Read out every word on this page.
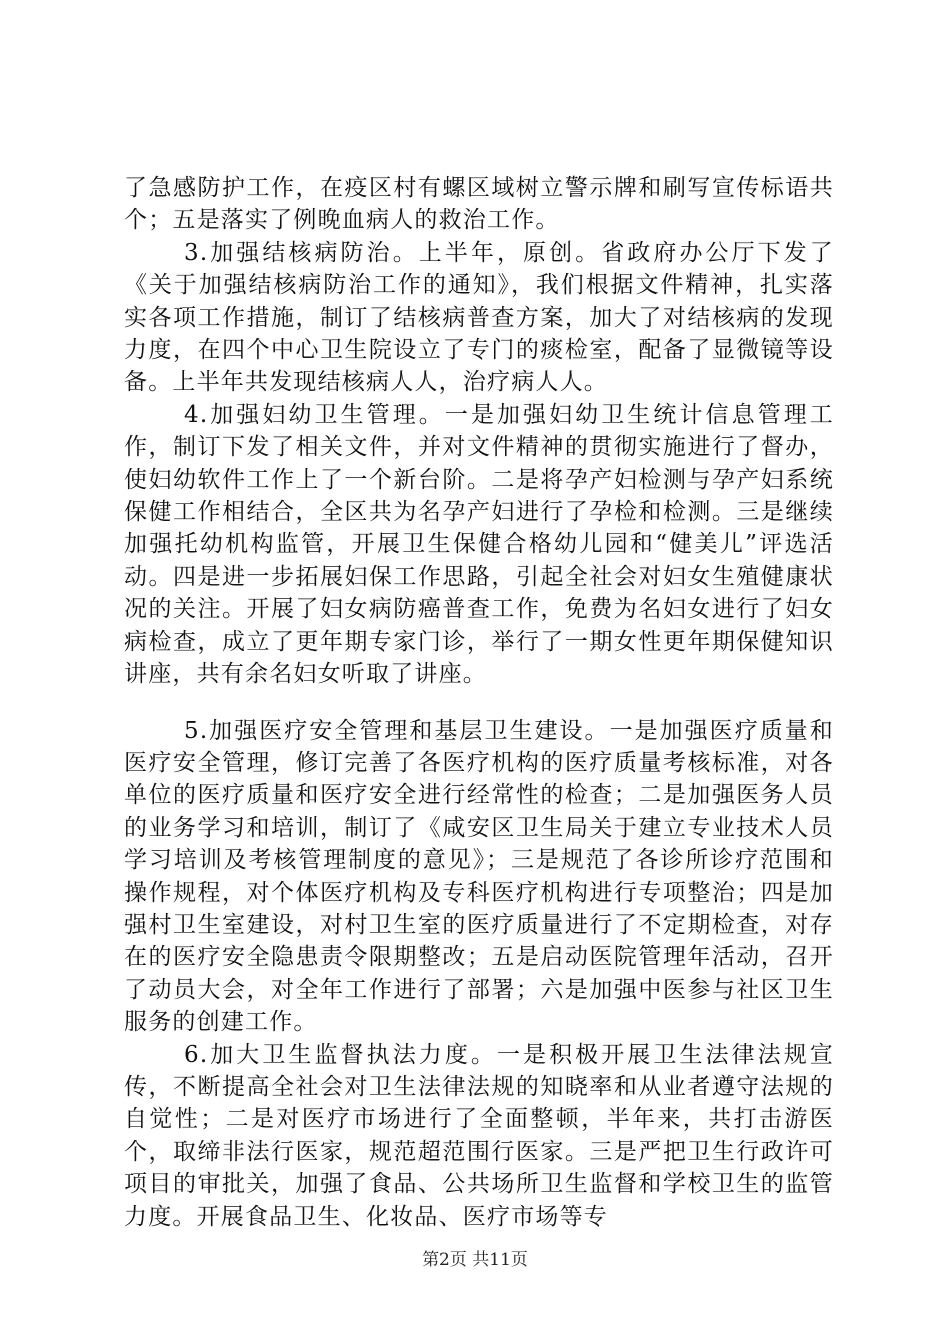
了急感防护工作，在疫区村有螺区域树立警示牌和刷写宣传标语共个；五是落实了例晚血病人的救治工作。

3.加强结核病防治。上半年，原创。省政府办公厅下发了《关于加强结核病防治工作的通知》，我们根据文件精神，扎实落实各项工作措施，制订了结核病普查方案，加大了对结核病的发现力度，在四个中心卫生院设立了专门的痰检室，配备了显微镜等设备。上半年共发现结核病人人，治疗病人人。

4.加强妇幼卫生管理。一是加强妇幼卫生统计信息管理工作，制订下发了相关文件，并对文件精神的贯彻实施进行了督办，使妇幼软件工作上了一个新台阶。二是将孕产妇检测与孕产妇系统保健工作相结合，全区共为名孕产妇进行了孕检和检测。三是继续加强托幼机构监管，开展卫生保健合格幼儿园和“健美儿”评选活动。四是进一步拓展妇保工作思路，引起全社会对妇女生殖健康状况的关注。开展了妇女病防癌普查工作，免费为名妇女进行了妇女病检查，成立了更年期专家门诊，举行了一期女性更年期保健知识讲座，共有余名妇女听取了讲座。

5.加强医疗安全管理和基层卫生建设。一是加强医疗质量和医疗安全管理，修订完善了各医疗机构的医疗质量考核标准，对各单位的医疗质量和医疗安全进行经常性的检查；二是加强医务人员的业务学习和培训，制订了《咸安区卫生局关于建立专业技术人员学习培训及考核管理制度的意见》；三是规范了各诊所诊疗范围和操作规程，对个体医疗机构及专科医疗机构进行专项整治；四是加强村卫生室建设，对村卫生室的医疗质量进行了不定期检查，对存在的医疗安全隐患责令限期整改；五是启动医院管理年活动，召开了动员大会，对全年工作进行了部署；六是加强中医参与社区卫生服务的创建工作。

6.加大卫生监督执法力度。一是积极开展卫生法律法规宣传，不断提高全社会对卫生法律法规的知晓率和从业者遵守法规的自觉性；二是对医疗市场进行了全面整顿，半年来，共打击游医个，取缔非法行医家，规范超范围行医家。三是严把卫生行政许可项目的审批关，加强了食品、公共场所卫生监督和学校卫生的监管力度。开展食品卫生、化妆品、医疗市场等专

第2页 共11页
